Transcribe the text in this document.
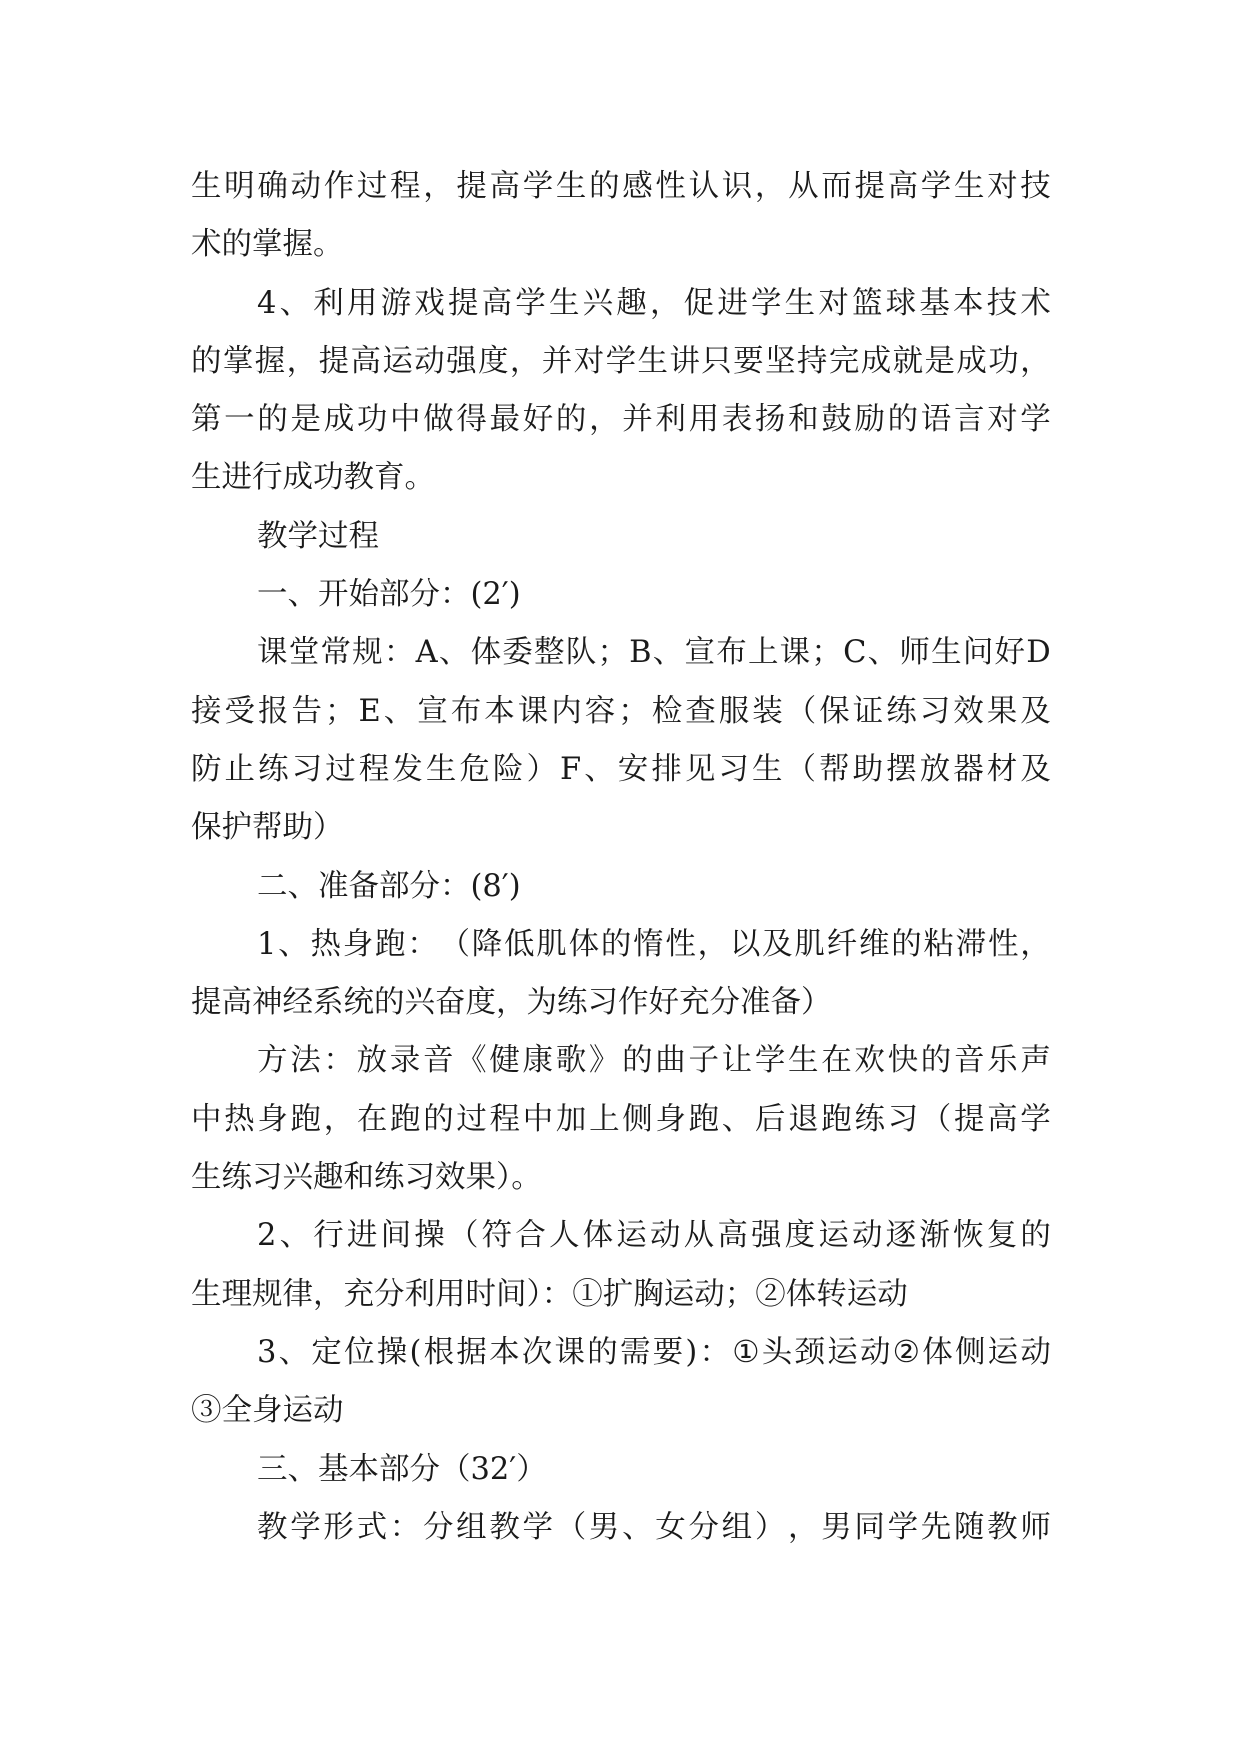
生 明 确 动 作 过 程 ， 提 高 学 生 的 感 性 认 识 ， 从 而 提 高 学 生 对 技
术的掌握。
4 、 利 用 游 戏 提 高 学 生 兴 趣 ， 促 进 学 生 对 篮 球 基 本 技 术
的 掌 握 ， 提 高 运 动 强 度 ， 并 对 学 生 讲 只 要 坚 持 完 成 就 是 成 功 ，
第 一 的 是 成 功 中 做 得 最 好 的 ， 并 利 用 表 扬 和 鼓 励 的 语 言 对 学
生进行成功教育。
教学过程
一、开始部分：(2′)
课 堂 常 规 ： A 、 体 委 整 队 ； B 、 宣 布 上 课 ； C 、 师 生 问 好 D
接 受 报 告 ； E 、 宣 布 本 课 内 容 ； 检 查 服 装 （ 保 证 练 习 效 果 及
防 止 练 习 过 程 发 生 危 险 ） F 、 安 排 见 习 生 （ 帮 助 摆 放 器 材 及
保护帮助）
二、准备部分：(8′)
1 、 热 身 跑 ： （ 降 低 肌 体 的 惰 性 ， 以 及 肌 纤 维 的 粘 滞 性 ，
提高神经系统的兴奋度，为练习作好充分准备）
方 法 ： 放 录 音 《 健 康 歌 》 的 曲 子 让 学 生 在 欢 快 的 音 乐 声
中 热 身 跑 ， 在 跑 的 过 程 中 加 上 侧 身 跑 、 后 退 跑 练 习 （ 提 高 学
生练习兴趣和练习效果）。
2 、 行 进 间 操 （ 符 合 人 体 运 动 从 高 强 度 运 动 逐 渐 恢 复 的
生理规律，充分利用时间）：①扩胸运动；②体转运动
3 、 定 位 操 ( 根 据 本 次 课 的 需 要 ) ： ① 头 颈 运 动 ② 体 侧 运 动
③全身运动
三、基本部分（32′）
教 学 形 式 ： 分 组 教 学 （ 男 、 女 分 组 ） ， 男 同 学 先 随 教 师
